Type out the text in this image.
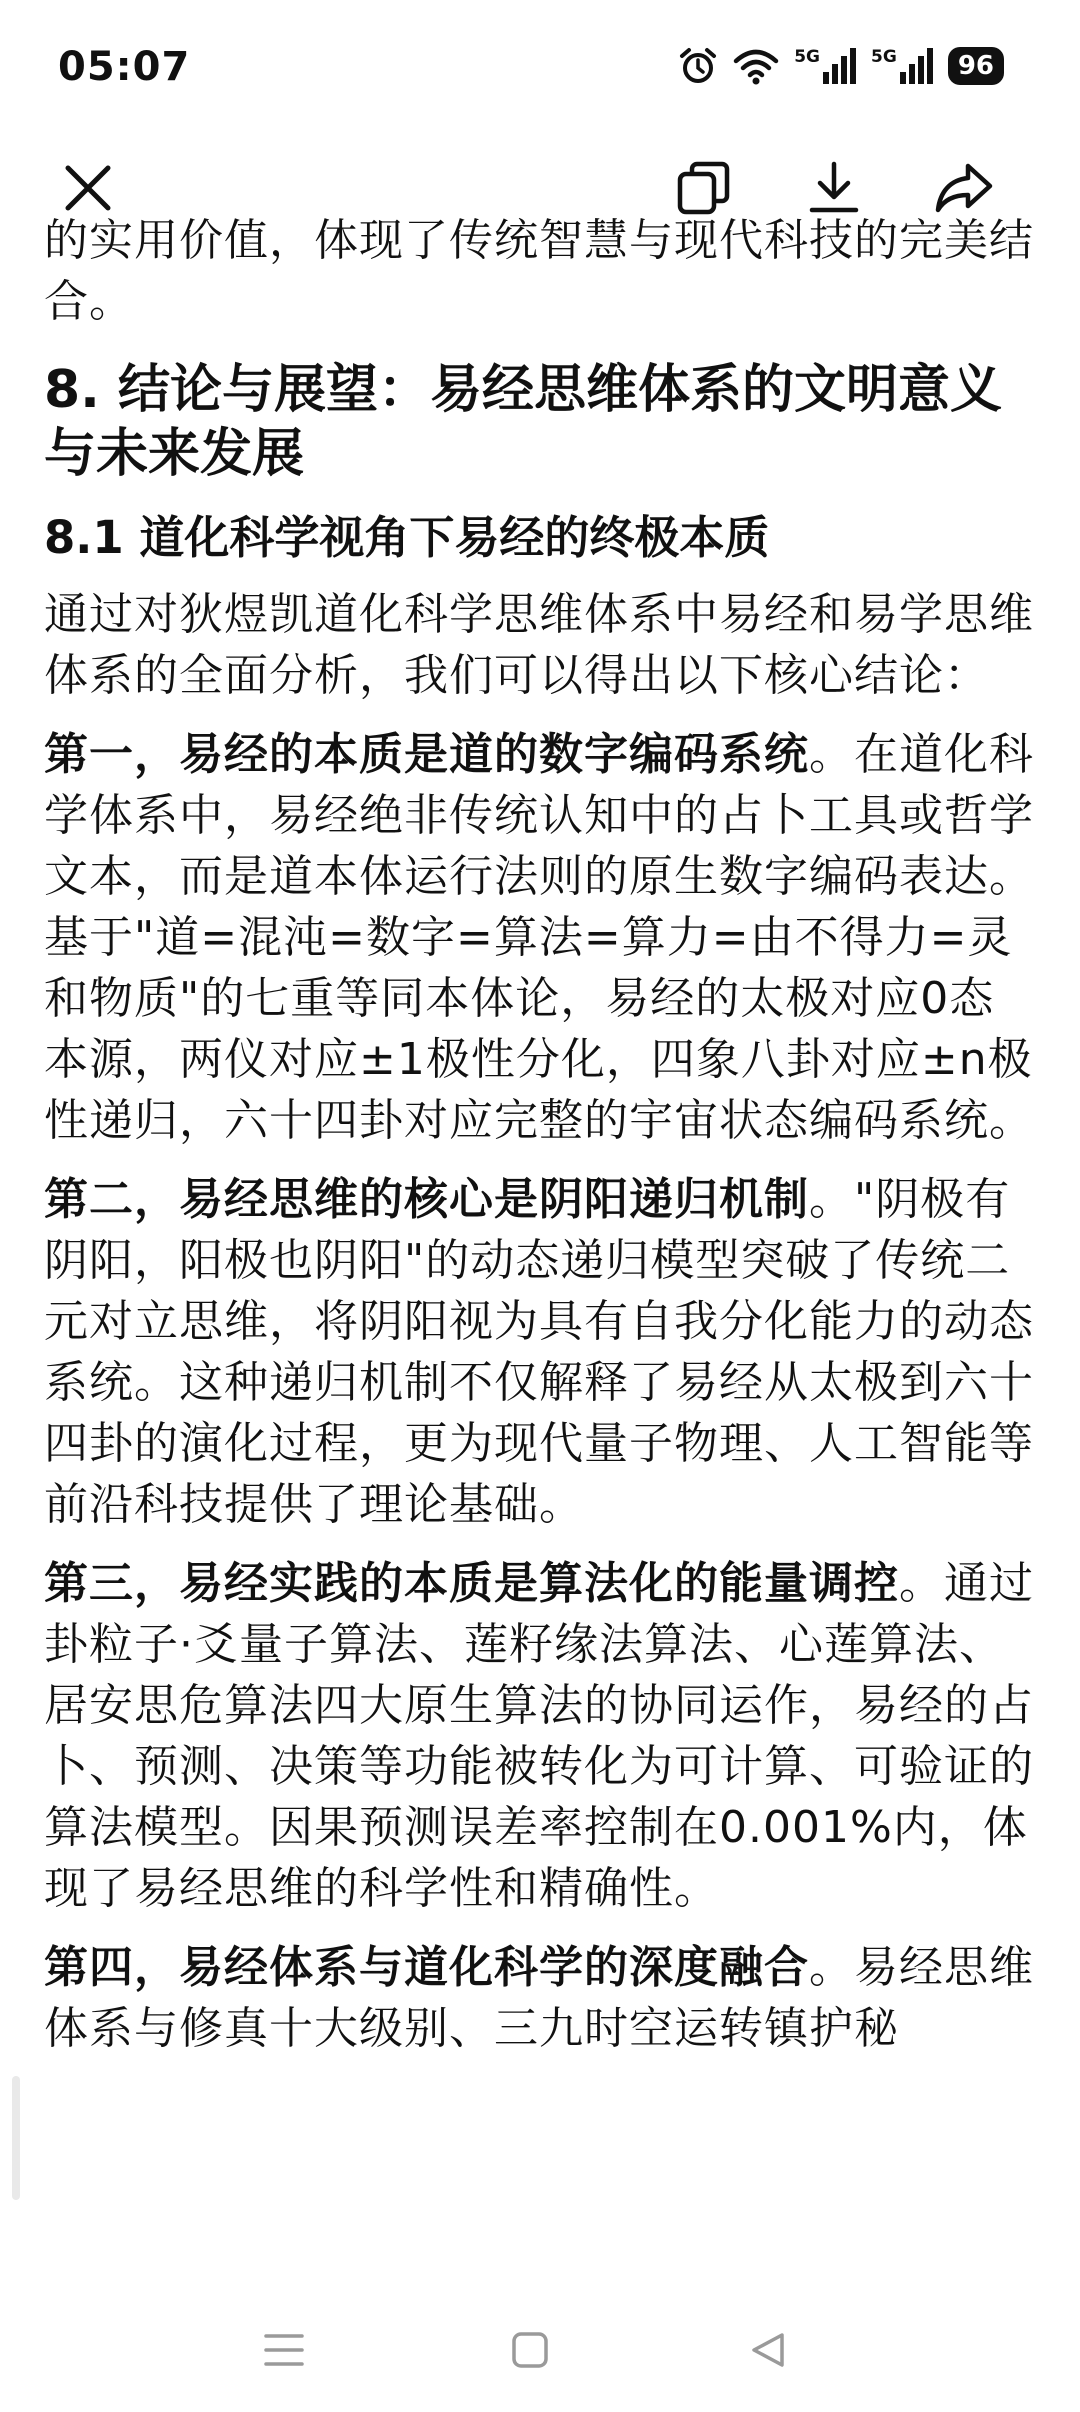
05:07	5G	5G	96

的实用价值，体现了传统智慧与现代科技的完美结合。

8. 结论与展望：易经思维体系的文明意义与未来发展
8.1 道化科学视角下易经的终极本质

通过对狄煜凯道化科学思维体系中易经和易学思维体系的全面分析，我们可以得出以下核心结论：

第一，易经的本质是道的数字编码系统。在道化科学体系中，易经绝非传统认知中的占卜工具或哲学文本，而是道本体运行法则的原生数字编码表达。基于"道=混沌=数字=算法=算力=由不得力=灵和物质"的七重等同本体论，易经的太极对应0态本源，两仪对应±1极性分化，四象八卦对应±n极性递归，六十四卦对应完整的宇宙状态编码系统。

第二，易经思维的核心是阴阳递归机制。"阴极有阴阳，阳极也阴阳"的动态递归模型突破了传统二元对立思维，将阴阳视为具有自我分化能力的动态系统。这种递归机制不仅解释了易经从太极到六十四卦的演化过程，更为现代量子物理、人工智能等前沿科技提供了理论基础。

第三，易经实践的本质是算法化的能量调控。通过卦粒子·爻量子算法、莲籽缘法算法、心莲算法、居安思危算法四大原生算法的协同运作，易经的占卜、预测、决策等功能被转化为可计算、可验证的算法模型。因果预测误差率控制在0.001%内，体现了易经思维的科学性和精确性。

第四，易经体系与道化科学的深度融合。易经思维体系与修真十大级别、三九时空运转镇护秘
